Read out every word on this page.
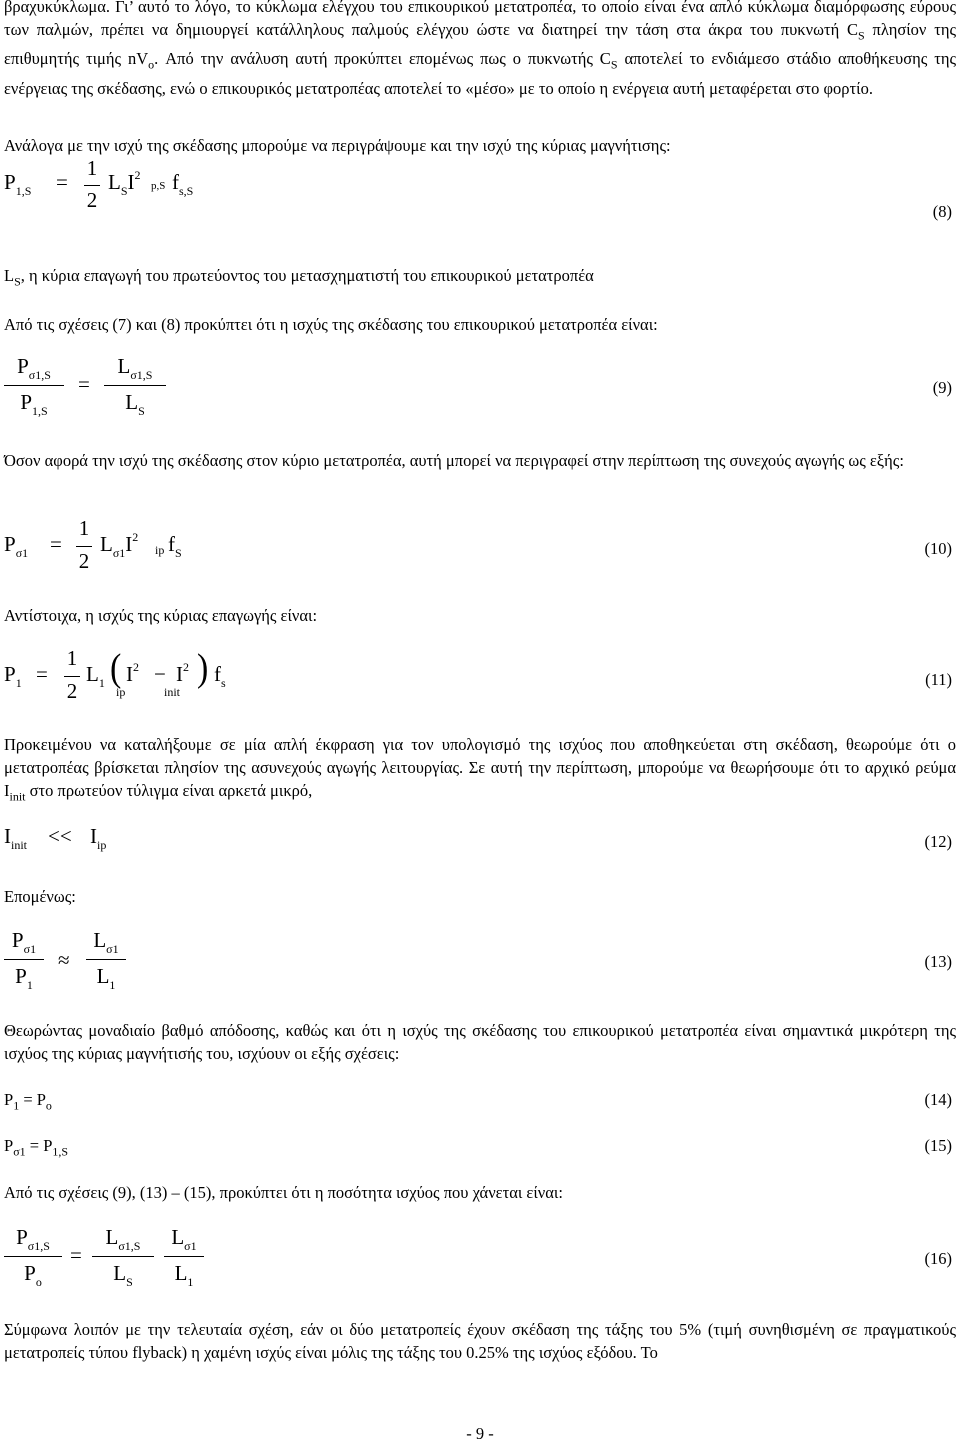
βραχυκύκλωμα. Γι’ αυτό το λόγο, το κύκλωμα ελέγχου του επικουρικού μετατροπέα, το οποίο είναι ένα απλό κύκλωμα διαμόρφωσης εύρους των παλμών, πρέπει να δημιουργεί κατάλληλους παλμούς ελέγχου ώστε να διατηρεί την τάση στα άκρα του πυκνωτή $C_S$ πλησίον της επιθυμητής τιμής $nV_o$. Από την ανάλυση αυτή προκύπτει επομένως πως ο πυκνωτής $C_S$ αποτελεί το ενδιάμεσο στάδιο αποθήκευσης της ενέργειας της σκέδασης, ενώ ο επικουρικός μετατροπέας αποτελεί το «μέσο» με το οποίο η ενέργεια αυτή μεταφέρεται στο φορτίο.

Ανάλογα με την ισχύ της σκέδασης μπορούμε να περιγράψουμε και την ισχύ της κύριας μαγνήτισης:

$P_{1,S}$ =
1
2
$L_SI^2$
p,S $f_{s,S}$
(8)

$L_S$, η κύρια επαγωγή του πρωτεύοντος του μετασχηματιστή του επικουρικού μετατροπέα

Από τις σχέσεις (7) και (8) προκύπτει ότι η ισχύς της σκέδασης του επικουρικού μετατροπέα είναι:

$P_{\sigma 1,S}$
$P_{1,S}$
=
$L_{\sigma 1,S}$
$L_S$
(9)

Όσον αφορά την ισχύ της σκέδασης στον κύριο μετατροπέα, αυτή μπορεί να περιγραφεί στην περίπτωση της συνεχούς αγωγής ως εξής:

$P_{\sigma 1}$ =
1
2
$L_{\sigma 1}I^2$
ip $f_S$	(10)

Αντίστοιχα, η ισχύς της κύριας επαγωγής είναι:

$P_1$ =
1
2
$L_1$ ( $I^2$
ip
− $I^2$
init
) $f_s$	(11)

Προκειμένου να καταλήξουμε σε μία απλή έκφραση για τον υπολογισμό της ισχύος που αποθηκεύεται στη σκέδαση, θεωρούμε ότι ο μετατροπέας βρίσκεται πλησίον της ασυνεχούς αγωγής λειτουργίας. Σε αυτή την περίπτωση, μπορούμε να θεωρήσουμε ότι το αρχικό ρεύμα $I_{init}$ στο πρωτεύον τύλιγμα είναι αρκετά μικρό,

$I_{init} << I_{ip}$	(12)

Επομένως:

$P_{\sigma 1}$
$P_1$
≈
$L_{\sigma 1}$
$L_1$
(13)

Θεωρώντας μοναδιαίο βαθμό απόδοσης, καθώς και ότι η ισχύς της σκέδασης του επικουρικού μετατροπέα είναι σημαντικά μικρότερη της ισχύος της κύριας μαγνήτισής του, ισχύουν οι εξής σχέσεις:

$P_1 = P_o$	(14)

$P_{\sigma 1} = P_{1,S}$	(15)

Από τις σχέσεις (9), (13) – (15), προκύπτει ότι η ποσότητα ισχύος που χάνεται είναι:

$P_{\sigma 1,S}$
$P_o$
=
$L_{\sigma 1,S}$
$L_S$
$L_{\sigma 1}$
$L_1$
(16)

Σύμφωνα λοιπόν με την τελευταία σχέση, εάν οι δύο μετατροπείς έχουν σκέδαση της τάξης του 5% (τιμή συνηθισμένη σε πραγματικούς μετατροπείς τύπου flyback) η χαμένη ισχύς είναι μόλις της τάξης του 0.25% της ισχύος εξόδου. Το

- 9 -
